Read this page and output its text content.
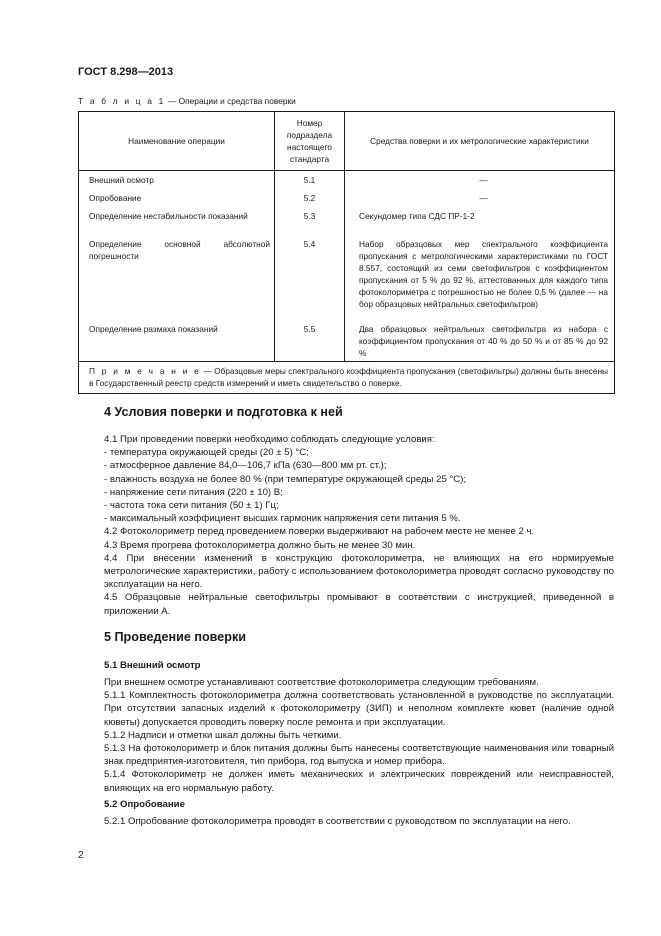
ГОСТ 8.298—2013
Т а б л и ц а 1 — Операции и средства поверки
Наименование операции	Номер подраздела настоящего стандарта	Средства поверки и их метрологические характеристики
Внешний осмотр	5.1	—
Опробование	5.2	—
Определение нестабильности показаний	5.3	Секундомер типа СДС ПР-1-2
Определение основной абсолютной погрешности	5.4	Набор образцовых мер спектрального коэффициента пропускания с метрологическими характеристиками по ГОСТ 8.557, состоящий из семи светофильтров с коэффициентом пропускания от 5 % до 92 %, аттестованных для каждого типа фотоколориметра с погрешностью не более 0,5 % (далее — на бор образцовых нейтральных светофильтров)
Определение размаха показаний	5.5	Два образцовых нейтральных светофильтра из набора с коэффициентом пропускания от 40 % до 50 % и от 85 % до 92 %
П р и м е ч а н и е — Образцовые меры спектрального коэффициента пропускания (светофильтры) должны быть внесены в Государственный реестр средств измерений и иметь свидетельство о поверке.		
4 Условия поверки и подготовка к ней

4.1 При проведении поверки необходимо соблюдать следующие условия:

- температура окружающей среды (20 ± 5) °С;

- атмосферное давление 84,0—106,7 кПа (630—800 мм рт. ст.);

- влажность воздуха не более 80 % (при температуре окружающей среды 25 °С);

- напряжение сети питания (220 ± 10) В;

- частота тока сети питания (50 ± 1) Гц;

- максимальный коэффициент высших гармоник напряжения сети питания 5 %.

4.2 Фотоколориметр перед проведением поверки выдерживают на рабочем месте не менее 2 ч.

4.3 Время прогрева фотоколориметра должно быть не менее 30 мин.

4.4 При внесении изменений в конструкцию фотоколориметра, не влияющих на его нормируемые метрологические характеристики, работу с использованием фотоколориметра проводят согласно руководству по эксплуатации на него.

4.5 Образцовые нейтральные светофильтры промывают в соответствии с инструкцией, приведенной в приложении А.

5 Проведение поверки
5.1 Внешний осмотр

При внешнем осмотре устанавливают соответствие фотоколориметра следующим требованиям.

5.1.1 Комплектность фотоколориметра должна соответствовать установленной в руководстве по эксплуатации. При отсутствии запасных изделий к фотоколориметру (ЗИП) и неполном комплекте кювет (наличие одной кюветы) допускается проводить поверку после ремонта и при эксплуатации.

5.1.2 Надписи и отметки шкал должны быть четкими.

5.1.3 На фотоколориметр и блок питания должны быть нанесены соответствующие наименования или товарный знак предприятия-изготовителя, тип прибора, год выпуска и номер прибора.

5.1.4 Фотоколориметр не должен иметь механических и электрических повреждений или неисправностей, влияющих на его нормальную работу.

5.2 Опробование

5.2.1 Опробование фотоколориметра проводят в соответствии с руководством по эксплуатации на него.

2
